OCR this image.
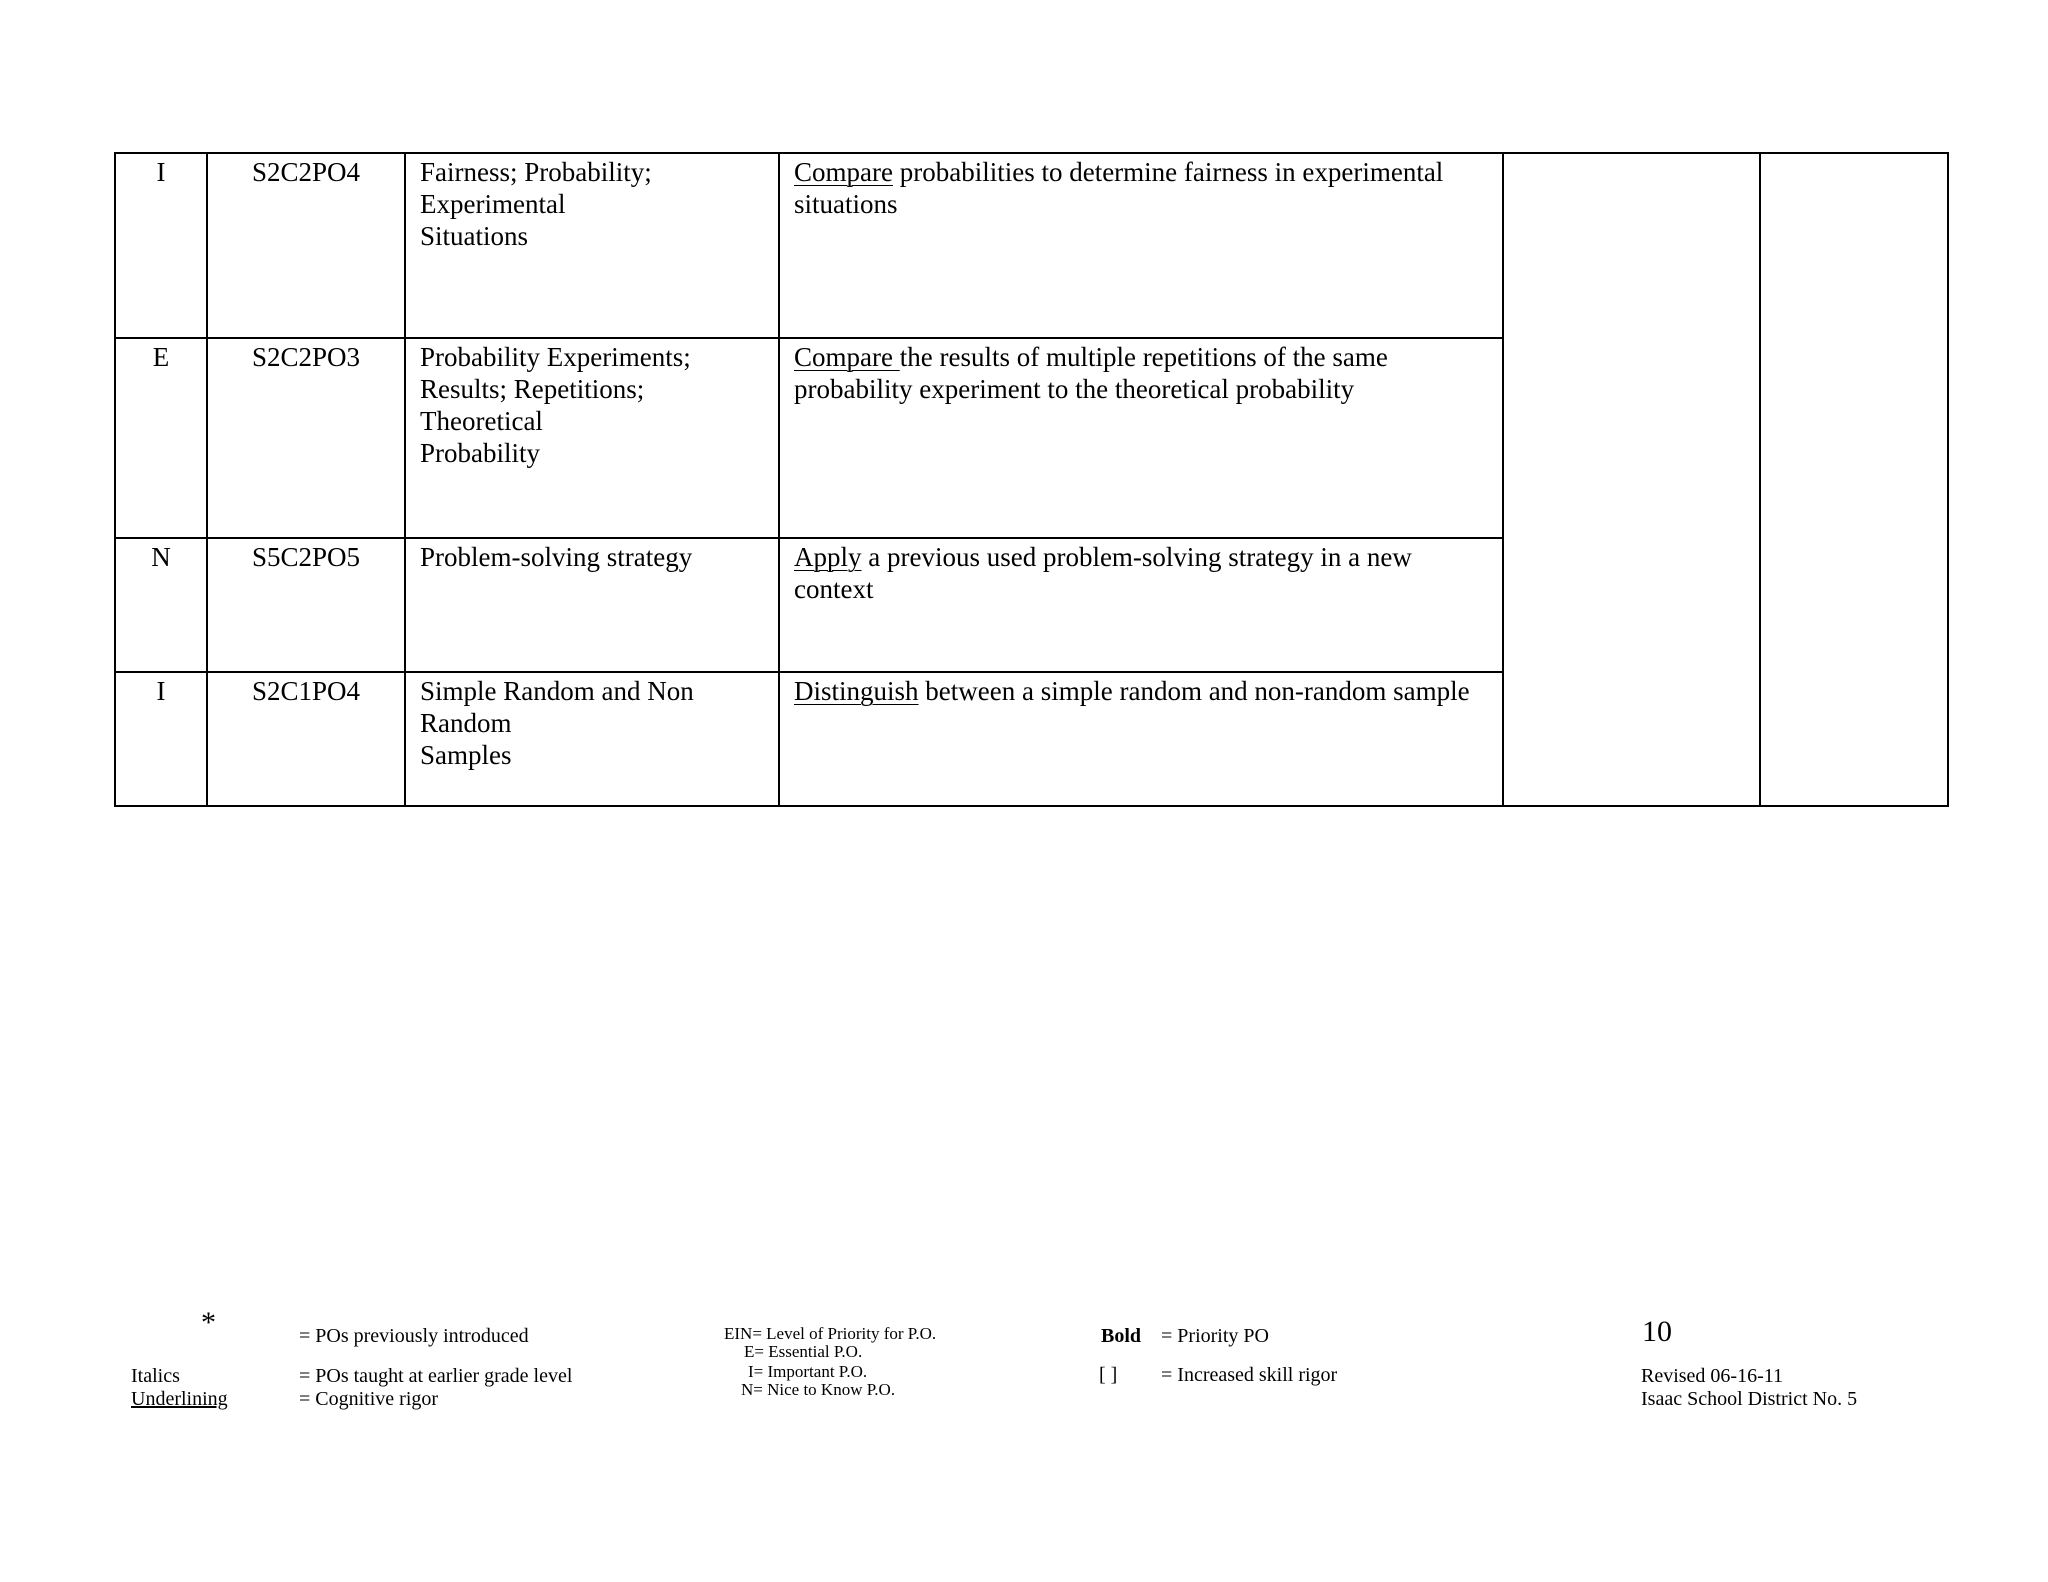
I	S2C2PO4	Fairness; Probability;
Experimental
Situations	Compare probabilities to determine fairness in experimental situations		
E	S2C2PO3	Probability Experiments;
Results; Repetitions;
Theoretical
Probability	Compare the results of multiple repetitions of the same probability experiment to the theoretical probability		
N	S5C2PO5	Problem-solving strategy	Apply a previous used problem-solving strategy in a new context		
I	S2C1PO4	Simple Random and Non
Random
Samples	Distinguish between a simple random and non-random sample		
*	= POs previously introduced
Italics	= POs taught at earlier grade level
Underlining	= Cognitive rigor
EIN= Level of Priority for P.O.
E= Essential P.O.
I= Important P.O.
N= Nice to Know P.O.
Bold = Priority PO
[ ] = Increased skill rigor
10
Revised 06-16-11
Isaac School District No. 5
